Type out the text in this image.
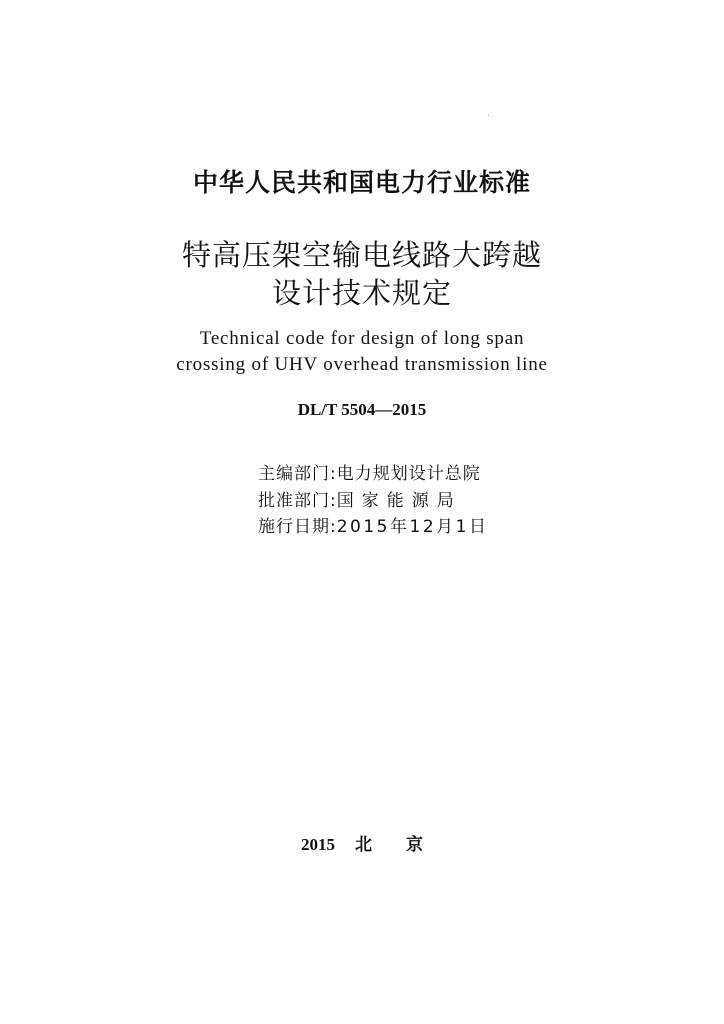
中华人民共和国电力行业标准
特高压架空输电线路大跨越
设计技术规定
Technical code for design of long span
crossing of UHV overhead transmission line
DL/T 5504—2015
主编部门:电力规划设计总院
批准部门:国家能源局
施行日期:2015年12月1日
2015 北 京
